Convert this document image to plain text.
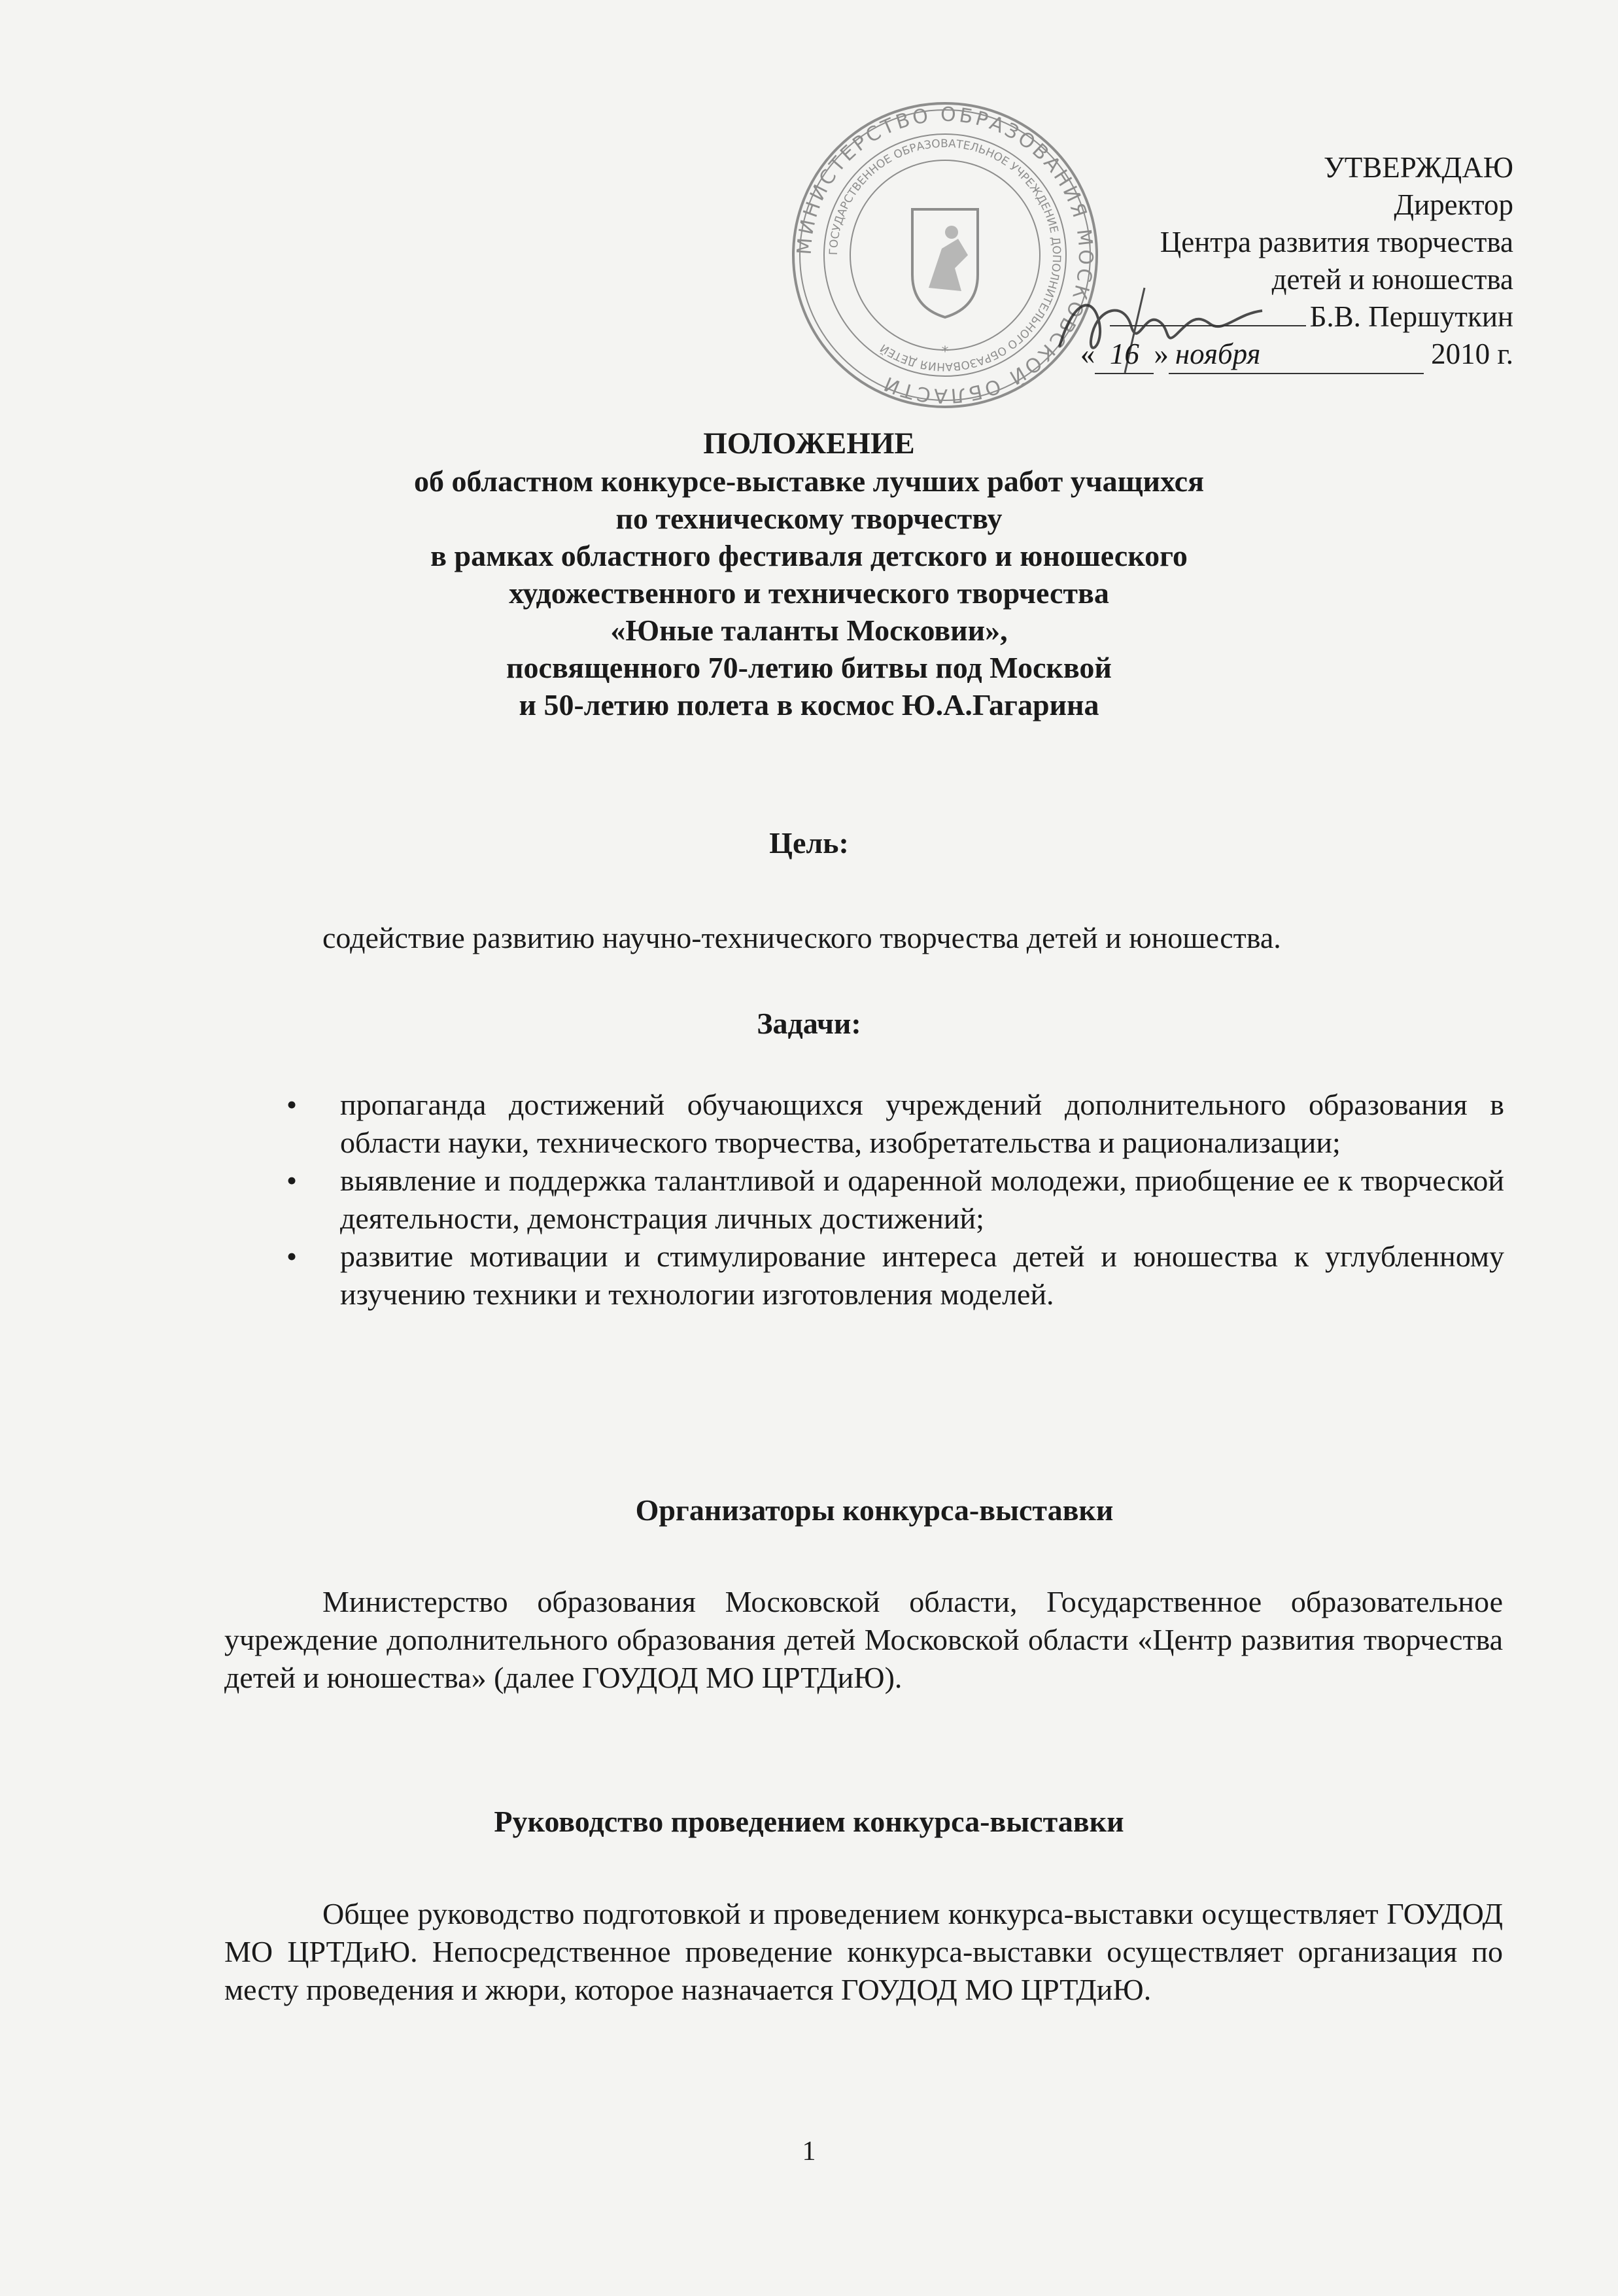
МИНИСТЕРСТВО ОБРАЗОВАНИЯ МОСКОВСКОЙ ОБЛАСТИ
ГОСУДАРСТВЕННОЕ ОБРАЗОВАТЕЛЬНОЕ УЧРЕЖДЕНИЕ ДОПОЛНИТЕЛЬНОГО ОБРАЗОВАНИЯ ДЕТЕЙ	*
УТВЕРЖДАЮ
Директор
Центра развития творчества
детей и юношества
Б.В. Першуткин
« 16 » ноября	2010 г.
ПОЛОЖЕНИЕ
об областном конкурсе-выставке лучших работ учащихся
по техническому творчеству
в рамках областного фестиваля детского и юношеского
художественного и технического творчества
«Юные таланты Московии»,
посвященного 70-летию битвы под Москвой
и 50-летию полета в космос Ю.А.Гагарина
Цель:
содействие развитию научно-технического творчества детей и юношества.
Задачи:
• пропаганда достижений обучающихся учреждений дополнительного образования в области науки, технического творчества, изобретательства и рационализации;
• выявление и поддержка талантливой и одаренной молодежи, приобщение ее к творческой деятельности, демонстрация личных достижений;
• развитие мотивации и стимулирование интереса детей и юношества к углубленному изучению техники и технологии изготовления моделей.
Организаторы конкурса-выставки
Министерство образования Московской области, Государственное образовательное учреждение дополнительного образования детей Московской области «Центр развития творчества детей и юношества» (далее ГОУДОД МО ЦРТДиЮ).
Руководство проведением конкурса-выставки
Общее руководство подготовкой и проведением конкурса-выставки осуществляет ГОУДОД МО ЦРТДиЮ. Непосредственное проведение конкурса-выставки осуществляет организация по месту проведения и жюри, которое назначается ГОУДОД МО ЦРТДиЮ.
1
